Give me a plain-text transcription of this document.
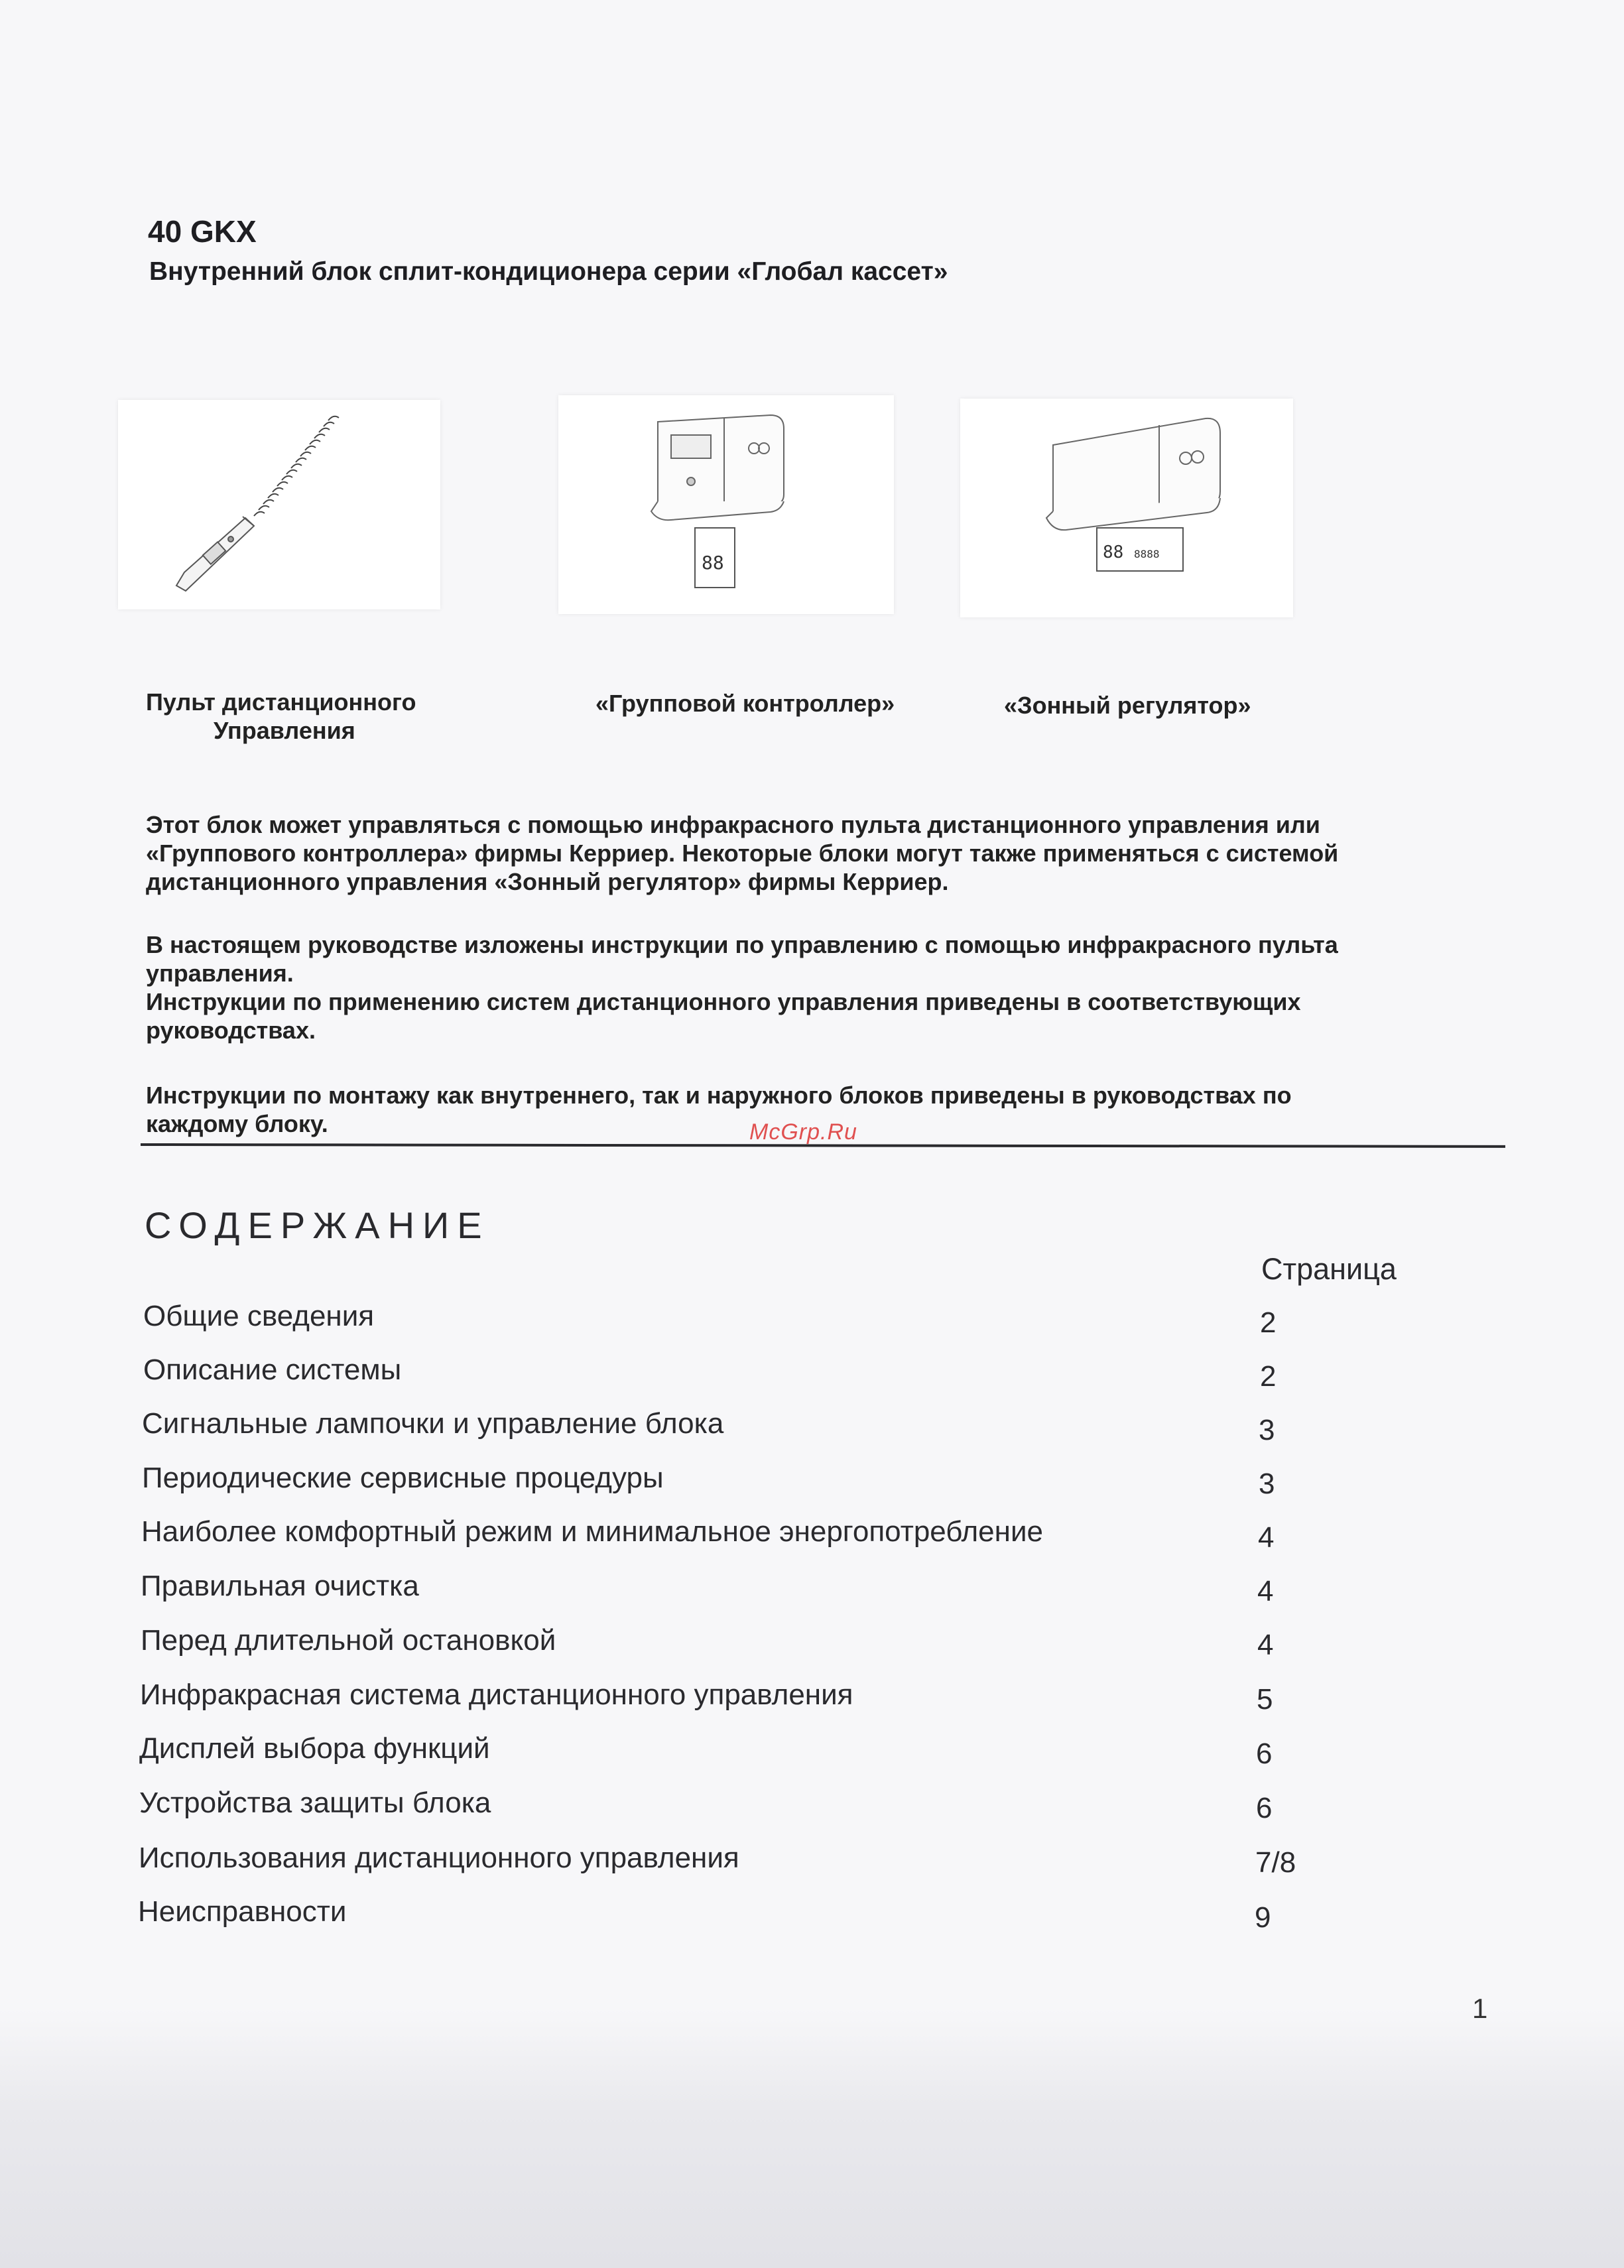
40 GKX
Внутренний блок сплит-кондиционера серии «Глобал кассет»
88	88 8888
Пульт дистанционного
Управления
«Групповой контроллер»	«Зонный регулятор»
Этот блок может управляться с помощью инфракрасного пульта дистанционного управления или
«Группового контроллера» фирмы Керриер. Некоторые блоки могут также применяться с системой
дистанционного управления «Зонный регулятор» фирмы Керриер.
В настоящем руководстве изложены инструкции по управлению с помощью инфракрасного пульта
управления.
Инструкции по применению систем дистанционного управления приведены в соответствующих
руководствах.
Инструкции по монтажу как внутреннего, так и наружного блоков приведены в руководствах по
каждому блоку.	McGrp.Ru
СОДЕРЖАНИЕ
Страница
Общие сведения	2
Описание системы	2
Сигнальные лампочки и управление блока	3
Периодические сервисные процедуры	3
Наиболее комфортный режим и минимальное энергопотребление	4
Правильная очистка	4
Перед длительной остановкой	4
Инфракрасная система дистанционного управления	5
Дисплей выбора функций	6
Устройства защиты блока	6
Использования дистанционного управления	7/8
Неисправности	9
1
